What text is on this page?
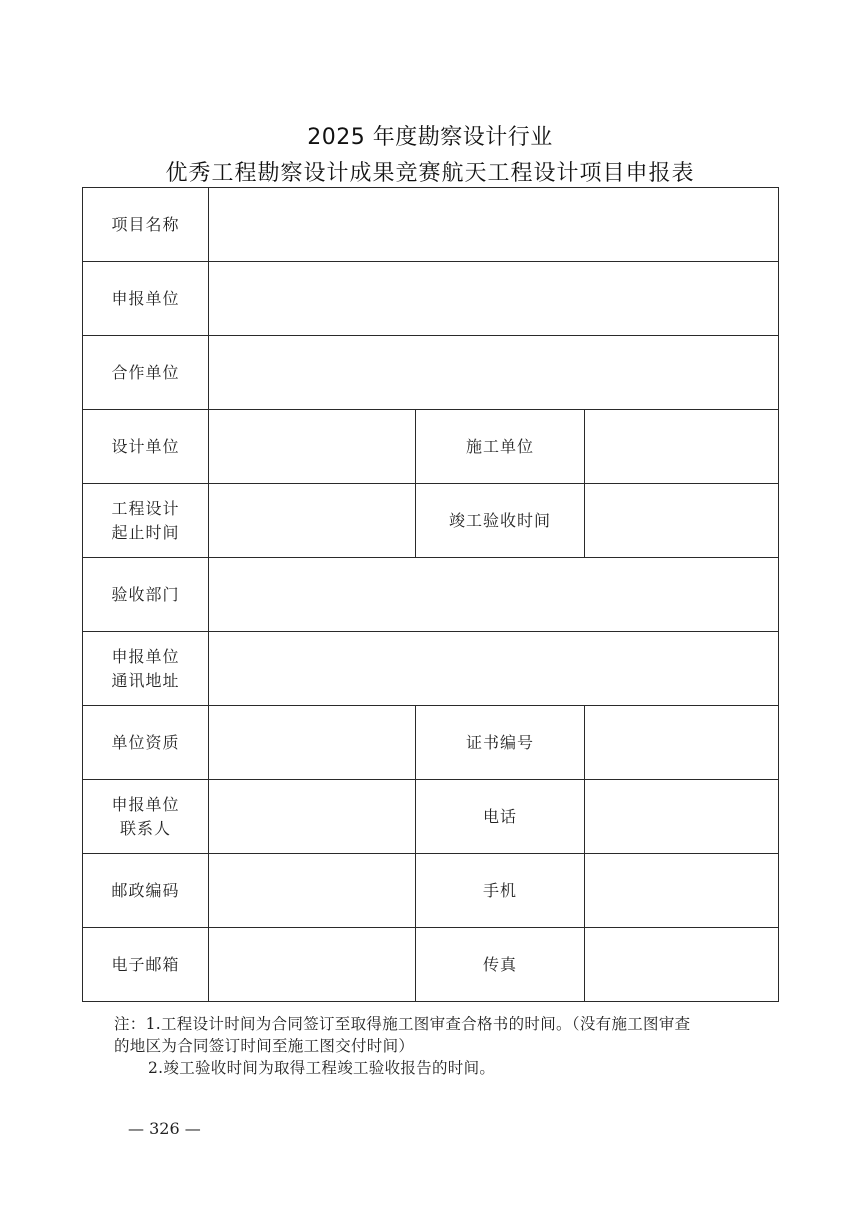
2025 年度勘察设计行业
优秀工程勘察设计成果竞赛航天工程设计项目申报表
项目名称			
申报单位			
合作单位			
设计单位		施工单位	
工程设计
起止时间		竣工验收时间	
验收部门			
申报单位
通讯地址			
单位资质		证书编号	
申报单位
联系人		电话	
邮政编码		手机	
电子邮箱		传真	
注：1.工程设计时间为合同签订至取得施工图审查合格书的时间。（没有施工图审查
的地区为合同签订时间至施工图交付时间）
2.竣工验收时间为取得工程竣工验收报告的时间。
— 326 —
